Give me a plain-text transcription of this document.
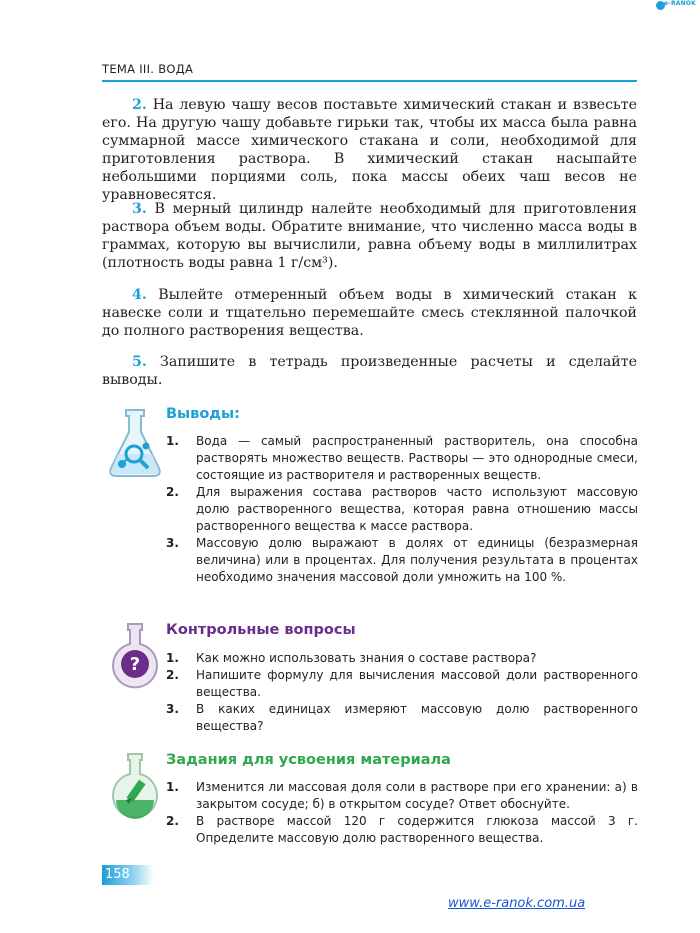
e-RANOK
ТЕМА III. ВОДА

2. На левую чашу весов поставьте химический стакан и взвесьте его. На другую чашу добавьте гирьки так, чтобы их масса была равна суммарной массе химического стакана и соли, необходимой для приготовления раствора. В химический стакан насыпайте небольшими порциями соль, пока массы обеих чаш весов не уравновесятся.

3. В мерный цилиндр налейте необходимый для приготовления раствора объем воды. Обратите внимание, что численно масса воды в граммах, которую вы вычислили, равна объему воды в миллилитрах (плотность воды равна 1 г/см³).

4. Вылейте отмеренный объем воды в химический стакан к навеске соли и тщательно перемешайте смесь стеклянной палочкой до полного растворения вещества.

5. Запишите в тетрадь произведенные расчеты и сделайте выводы.

Выводы:
1. Вода — самый распространенный растворитель, она способна растворять множество веществ. Растворы — это однородные смеси, состоящие из растворителя и растворенных веществ.
2. Для выражения состава растворов часто используют массовую долю растворенного вещества, которая равна отношению массы растворенного вещества к массе раствора.
3. Массовую долю выражают в долях от единицы (безразмерная величина) или в процентах. Для получения результата в процентах необходимо значения массовой доли умножить на 100 %.
?
Контрольные вопросы
1. Как можно использовать знания о составе раствора?
2. Напишите формулу для вычисления массовой доли растворенного вещества.
3. В каких единицах измеряют массовую долю растворенного вещества?
Задания для усвоения материала
1. Изменится ли массовая доля соли в растворе при его хранении: а) в закрытом сосуде; б) в открытом сосуде? Ответ обоснуйте.
2. В растворе массой 120 г содержится глюкоза массой 3 г. Определите массовую долю растворенного вещества.
158
www.e-ranok.com.ua
